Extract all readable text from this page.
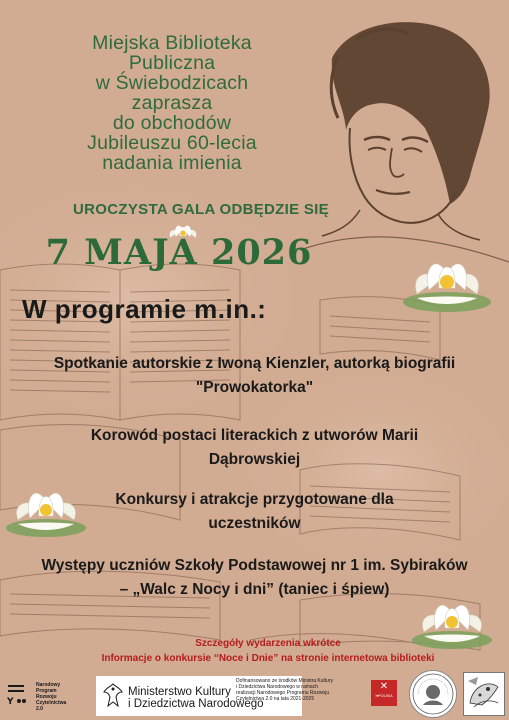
Miejska Biblioteka
Publiczna
w Świebodzicach
zaprasza
do obchodów
Jubileuszu 60-lecia
nadania imienia
UROCZYSTA GALA ODBĘDZIE SIĘ
7 MAJA 2026
W programie m.in.:
Spotkanie autorskie z Iwoną Kienzler, autorką biografii
"Prowokatorka"
Korowód postaci literackich z utworów Marii
Dąbrowskiej
Konkursy i atrakcje przygotowane dla
uczestników
Występy uczniów Szkoły Podstawowej nr 1 im. Sybiraków
– „Walc z Nocy i dni” (taniec i śpiew)
Szczegóły wydarzenia wkrótce
Informacje o konkursie “Noce i Dnie” na stronie internetowa biblioteki
Y
Narodowy
Program
Rozwoju
Czytelnictwa
2.0
Ministerstwo Kultury
i Dziedzictwa Narodowego
Dofinansowano ze środków Ministra Kultury
i Dziedzictwa Narodowego w ramach
realizacji Narodowego Programu Rozwoju
Czytelnictwa 2.0 na lata 2021-2025
✕
I♥POLSKA
